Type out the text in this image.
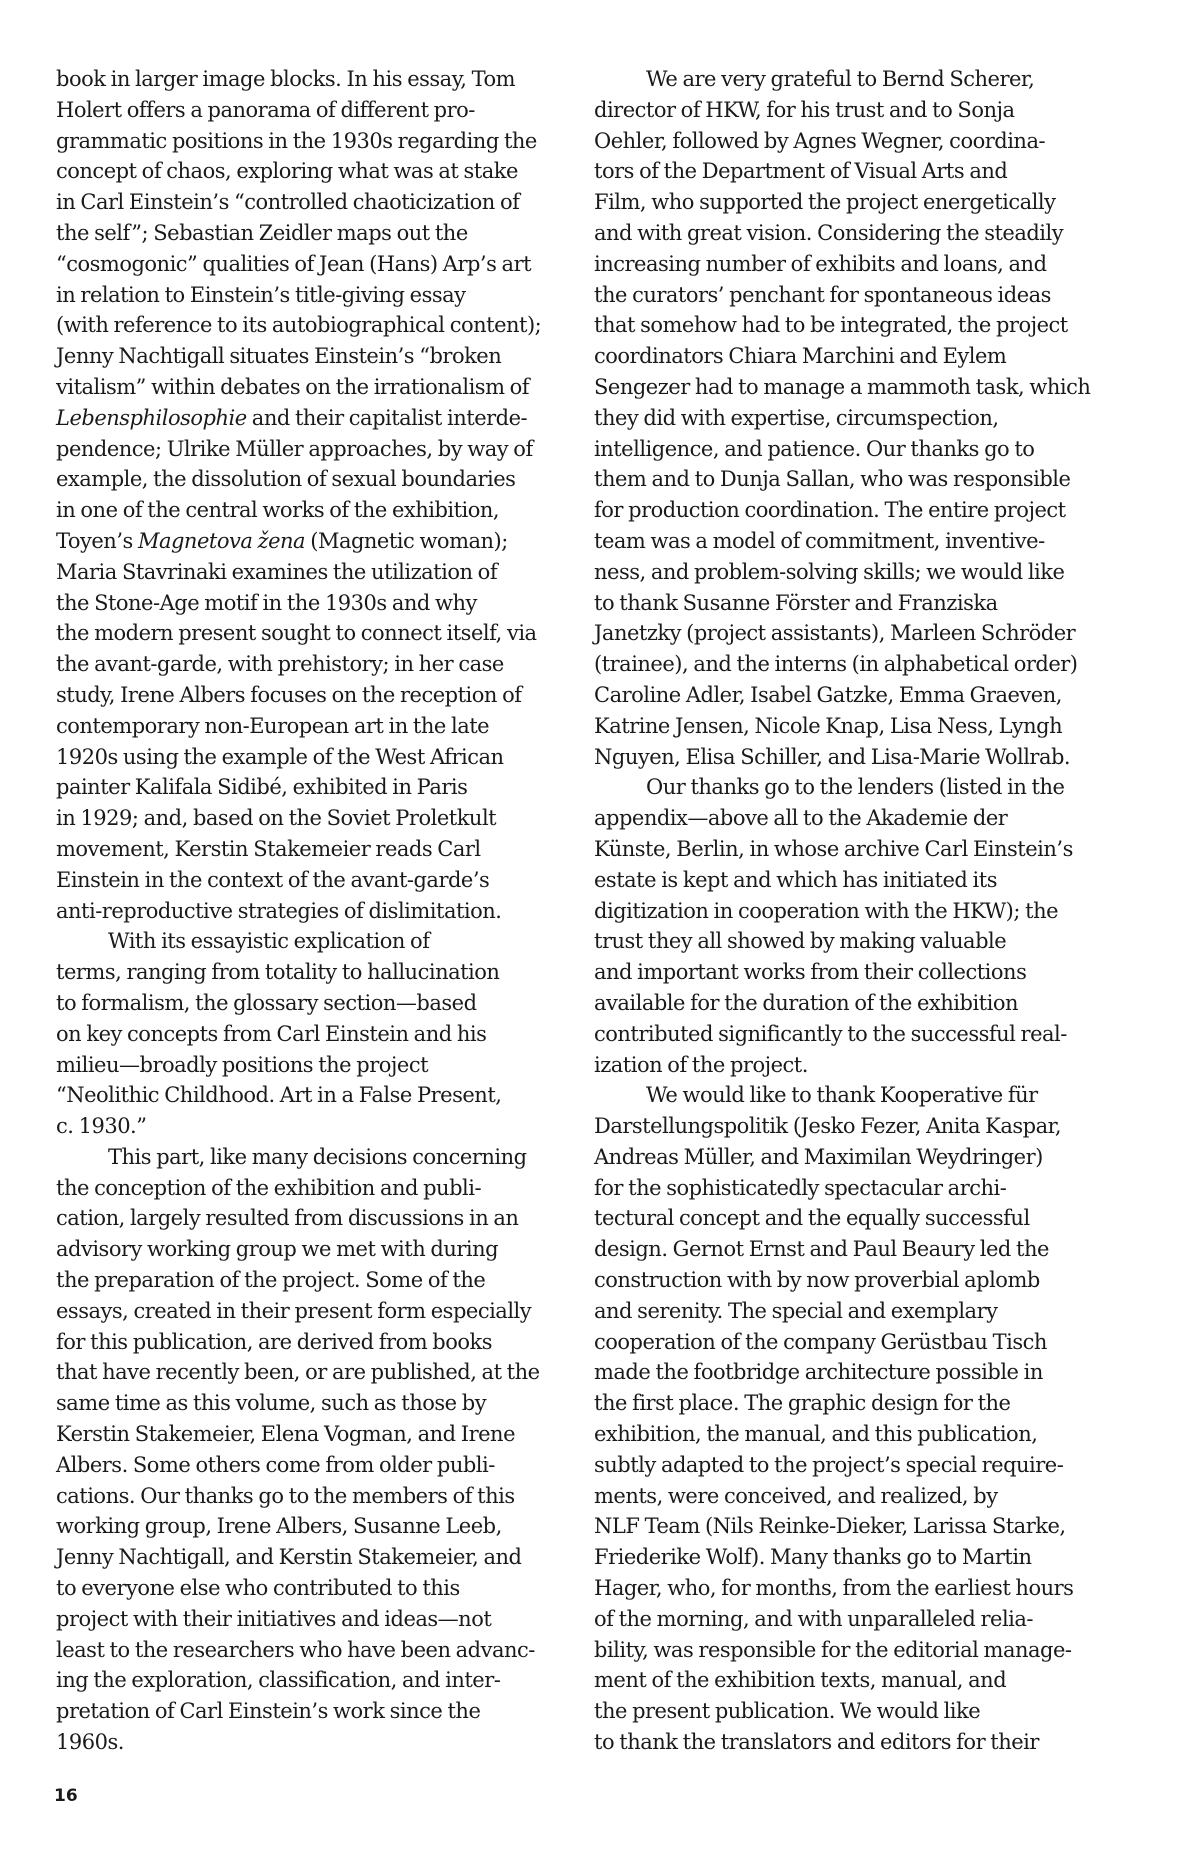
book in larger image blocks. In his essay, Tom
Holert offers a panorama of different pro-
grammatic positions in the 1930s regarding the
concept of chaos, exploring what was at stake
in Carl Einstein’s “controlled chaoticization of
the self”; Sebastian Zeidler maps out the
“cosmogonic” qualities of Jean (Hans) Arp’s art
in relation to Einstein’s title-giving essay
(with reference to its autobiographical content);
Jenny Nachtigall situates Einstein’s “broken
vitalism” within debates on the irrationalism of
Lebensphilosophie and their capitalist interde-
pendence; Ulrike Müller approaches, by way of
example, the dissolution of sexual boundaries
in one of the central works of the exhibition,
Toyen’s Magnetova žena (Magnetic woman);
Maria Stavrinaki examines the utilization of
the Stone-Age motif in the 1930s and why
the modern present sought to connect itself, via
the avant-garde, with prehistory; in her case
study, Irene Albers focuses on the reception of
contemporary non-European art in the late
1920s using the example of the West African
painter Kalifala Sidibé, exhibited in Paris
in 1929; and, based on the Soviet Proletkult
movement, Kerstin Stakemeier reads Carl
Einstein in the context of the avant-garde’s
anti-reproductive strategies of dislimitation.
With its essayistic explication of
terms, ranging from totality to hallucination
to formalism, the glossary section—based
on key concepts from Carl Einstein and his
milieu—broadly positions the project
“Neolithic Childhood. Art in a False Present,
c. 1930.”
This part, like many decisions concerning
the conception of the exhibition and publi-
cation, largely resulted from discussions in an
advisory working group we met with during
the preparation of the project. Some of the
essays, created in their present form especially
for this publication, are derived from books
that have recently been, or are published, at the
same time as this volume, such as those by
Kerstin Stakemeier, Elena Vogman, and Irene
Albers. Some others come from older publi-
cations. Our thanks go to the members of this
working group, Irene Albers, Susanne Leeb,
Jenny Nachtigall, and Kerstin Stakemeier, and
to everyone else who contributed to this
project with their initiatives and ideas—not
least to the researchers who have been advanc-
ing the exploration, classification, and inter-
pretation of Carl Einstein’s work since the
1960s.
We are very grateful to Bernd Scherer,
director of HKW, for his trust and to Sonja
Oehler, followed by Agnes Wegner, coordina-
tors of the Department of Visual Arts and
Film, who supported the project energetically
and with great vision. Considering the steadily
increasing number of exhibits and loans, and
the curators’ penchant for spontaneous ideas
that somehow had to be integrated, the project
coordinators Chiara Marchini and Eylem
Sengezer had to manage a mammoth task, which
they did with expertise, circumspection,
intelligence, and patience. Our thanks go to
them and to Dunja Sallan, who was responsible
for production coordination. The entire project
team was a model of commitment, inventive-
ness, and problem-solving skills; we would like
to thank Susanne Förster and Franziska
Janetzky (project assistants), Marleen Schröder
(trainee), and the interns (in alphabetical order)
Caroline Adler, Isabel Gatzke, Emma Graeven,
Katrine Jensen, Nicole Knap, Lisa Ness, Lyngh
Nguyen, Elisa Schiller, and Lisa-Marie Wollrab.
Our thanks go to the lenders (listed in the
appendix—above all to the Akademie der
Künste, Berlin, in whose archive Carl Einstein’s
estate is kept and which has initiated its
digitization in cooperation with the HKW); the
trust they all showed by making valuable
and important works from their collections
available for the duration of the exhibition
contributed significantly to the successful real-
ization of the project.
We would like to thank Kooperative für
Darstellungspolitik (Jesko Fezer, Anita Kaspar,
Andreas Müller, and Maximilan Weydringer)
for the sophisticatedly spectacular archi-
tectural concept and the equally successful
design. Gernot Ernst and Paul Beaury led the
construction with by now proverbial aplomb
and serenity. The special and exemplary
cooperation of the company Gerüstbau Tisch
made the footbridge architecture possible in
the first place. The graphic design for the
exhibition, the manual, and this publication,
subtly adapted to the project’s special require-
ments, were conceived, and realized, by
NLF Team (Nils Reinke-Dieker, Larissa Starke,
Friederike Wolf). Many thanks go to Martin
Hager, who, for months, from the earliest hours
of the morning, and with unparalleled relia-
bility, was responsible for the editorial manage-
ment of the exhibition texts, manual, and
the present publication. We would like
to thank the translators and editors for their
16
